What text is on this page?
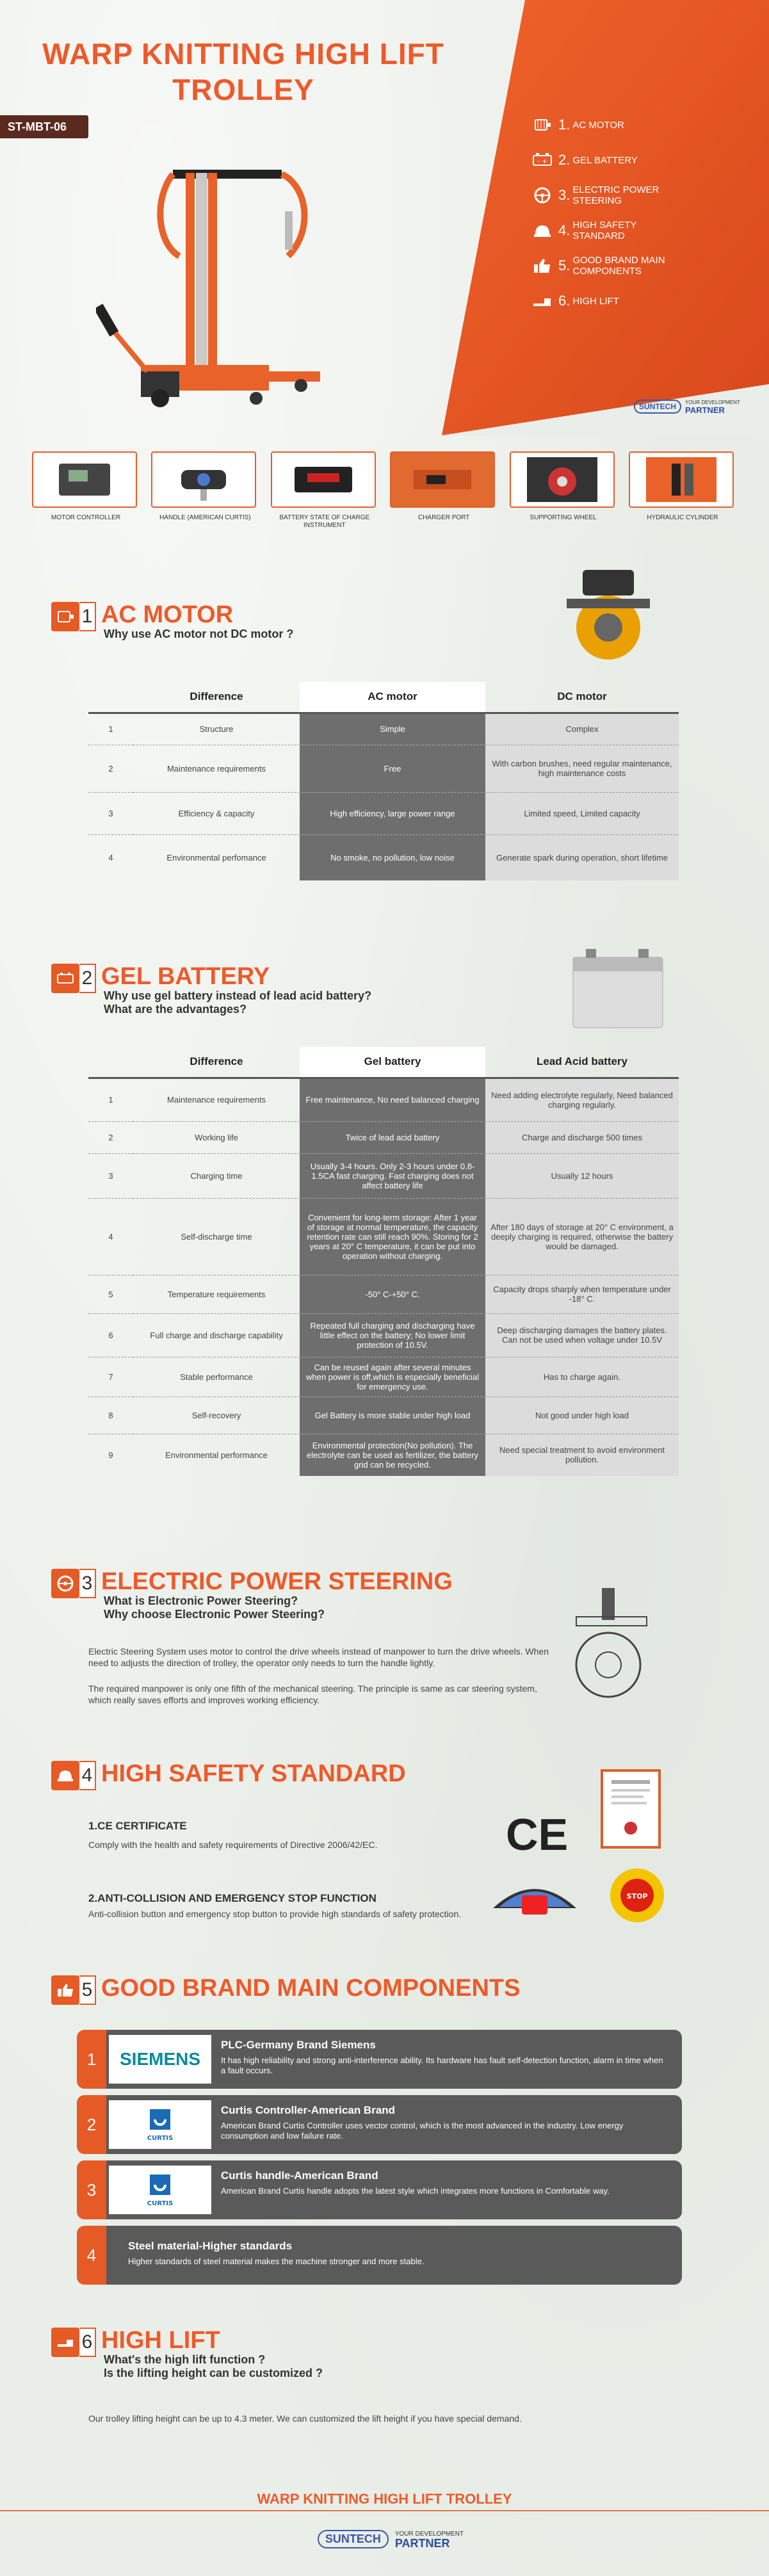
WARP KNITTING HIGH LIFT TROLLEY
ST-MBT-06	1. AC MOTOR
- + 2. GEL BATTERY
3. ELECTRIC POWER STEERING
4. HIGH SAFETY STANDARD
5. GOOD BRAND MAIN COMPONENTS
6. HIGH LIFT
SUNTECH	YOUR DEVELOPMENT
PARTNER
MOTOR CONTROLLER	HANDLE (AMERICAN CURTIS)	BATTERY STATE OF CHARGE INSTRUMENT
CHARGER PORT	SUPPORTING WHEEL	HYDRAULIC CYLINDER
1 AC MOTOR
Why use AC motor not DC motor ?
	Difference	AC motor	DC motor
1	Structure	Simple	Complex
2	Maintenance requirements	Free	With carbon brushes, need regular maintenance, high maintenance costs
3	Efficiency & capacity	High efficiency, large power range	Limited speed, Limited capacity
4	Environmental perfomance	No smoke, no pollution, low noise	Generate spark during operation, short lifetime
2 GEL BATTERY
Why use gel battery instead of lead acid battery?
What are the advantages?
	Difference	Gel battery	Lead Acid battery
1	Maintenance requirements	Free maintenance, No need balanced charging	Need adding electrolyte regularly, Need balanced charging regularly.
2	Working life	Twice of lead acid battery	Charge and discharge 500 times
3	Charging time	Usually 3-4 hours. Only 2-3 hours under 0.8-1.5CA fast charging. Fast charging does not affect battery life	Usually 12 hours
4	Self-discharge time	Convenient for long-term storage: After 1 year of storage at normal temperature, the capacity retention rate can still reach 90%. Storing for 2 years at 20° C temperature, it can be put into operation without charging.	After 180 days of storage at 20° C environment, a deeply charging is required, otherwise the battery would be damaged.
5	Temperature requirements	-50° C-+50° C.	Capacity drops sharply when temperature under -18° C.
6	Full charge and discharge capability	Repeated full charging and discharging have little effect on the battery; No lower limit protection of 10.5V.	Deep discharging damages the battery plates. Can not be used when voltage under 10.5V
7	Stable performance	Can be reused again after several minutes when power is off,which is especially beneficial for emergency use.	Has to charge again.
8	Self-recovery	Gel Battery is more stable under high load	Not good under high load
9	Environmental performance	Environmental protection(No pollution). The electrolyte can be used as fertilizer, the battery grid can be recycled.	Need special treatment to avoid environment pollution.
3 ELECTRIC POWER STEERING
What is Electronic Power Steering?
Why choose Electronic Power Steering?
Electric Steering System uses motor to control the drive wheels instead of manpower to turn the drive wheels. When need to adjusts the direction of trolley, the operator only needs to turn the handle lightly.
The required manpower is only one fifth of the mechanical steering. The principle is same as car steering system, which really saves efforts and improves working efficiency.
4 HIGH SAFETY STANDARD
1.CE CERTIFICATE
Comply with the health and safety requirements of Directive 2006/42/EC.
2.ANTI-COLLISION AND EMERGENCY STOP FUNCTION
Anti-collision button and emergency stop button to provide high standards of safety protection.
CE
STOP
5 GOOD BRAND MAIN COMPONENTS
1	SIEMENS
PLC-Germany Brand Siemens
It has high reliability and strong anti-interference ability. Its hardware has fault self-detection function, alarm in time when a fault occurs.
2
CURTIS
Curtis Controller-American Brand
American Brand Curtis Controller uses vector control, which is the most advanced in the industry. Low energy consumption and low failure rate.
3
CURTIS
Curtis handle-American Brand
American Brand Curtis handle adopts the latest style which integrates more functions in Comfortable way.
4	Steel material-Higher standards
Higher standards of steel material makes the machine stronger and more stable.
6 HIGH LIFT
What's the high lift function ?
Is the lifting height can be customized ?
Our trolley lifting height can be up to 4.3 meter. We can customized the lift height if you have special demand.
WARP KNITTING HIGH LIFT TROLLEY
SUNTECH	YOUR DEVELOPMENT
PARTNER
